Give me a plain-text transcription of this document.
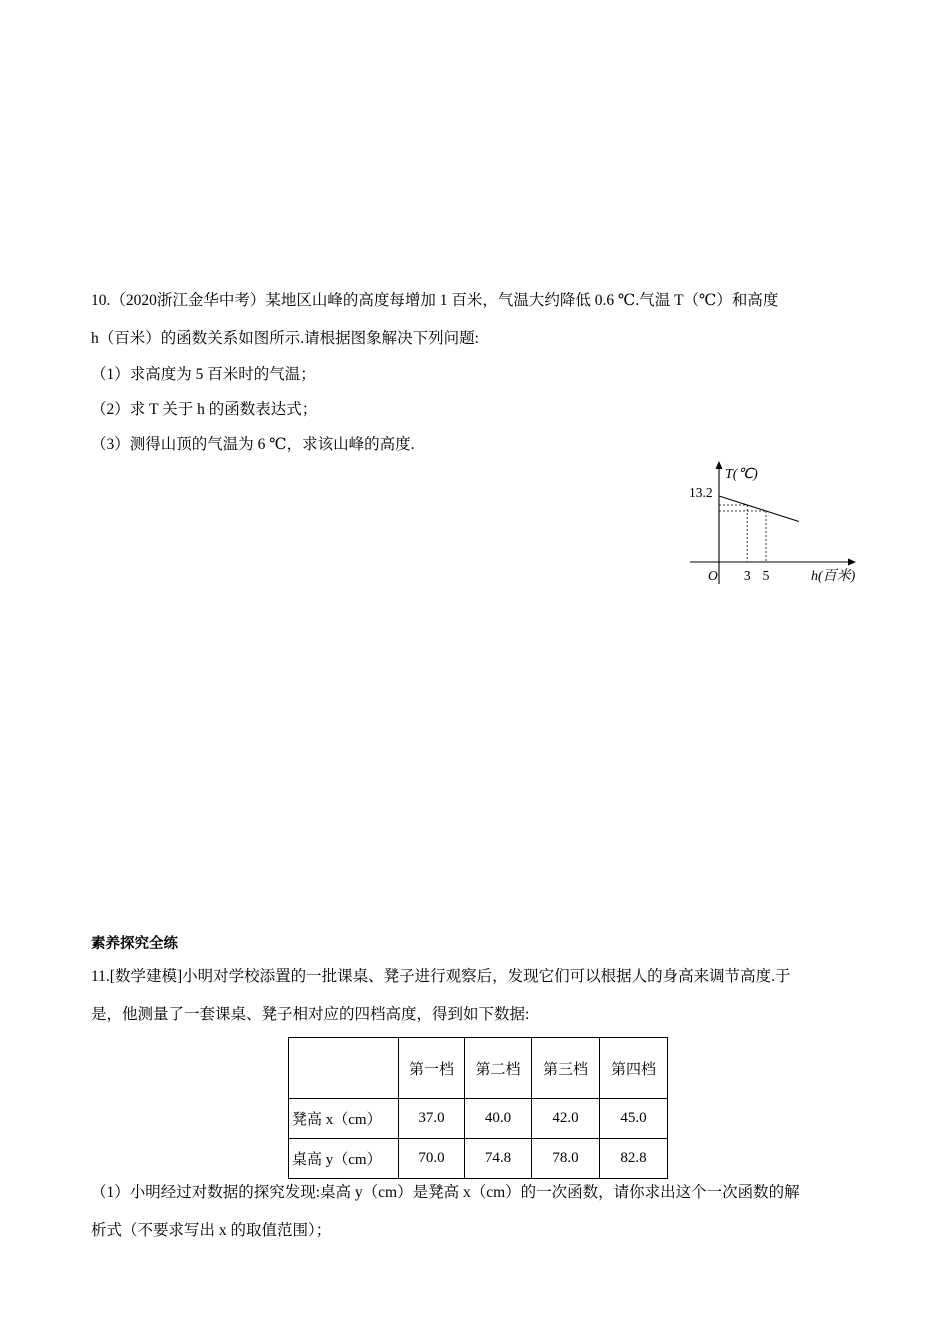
10.（2020浙江金华中考）某地区山峰的高度每增加 1 百米，气温大约降低 0.6 ℃.气温 T（℃）和高度
h（百米）的函数关系如图所示.请根据图象解决下列问题:
（1）求高度为 5 百米时的气温；
（2）求 T 关于 h 的函数表达式；
（3）测得山顶的气温为 6 ℃，求该山峰的高度.
T(℃)
13.2
O 3 5	h(百米)
素养探究全练
11.[数学建模]小明对学校添置的一批课桌、凳子进行观察后，发现它们可以根据人的身高来调节高度.于
是，他测量了一套课桌、凳子相对应的四档高度，得到如下数据:
	第一档	第二档	第三档	第四档
凳高 x（cm）	37.0	40.0	42.0	45.0
桌高 y（cm）	70.0	74.8	78.0	82.8
（1）小明经过对数据的探究发现:桌高 y（cm）是凳高 x（cm）的一次函数，请你求出这个一次函数的解
析式（不要求写出 x 的取值范围）；
